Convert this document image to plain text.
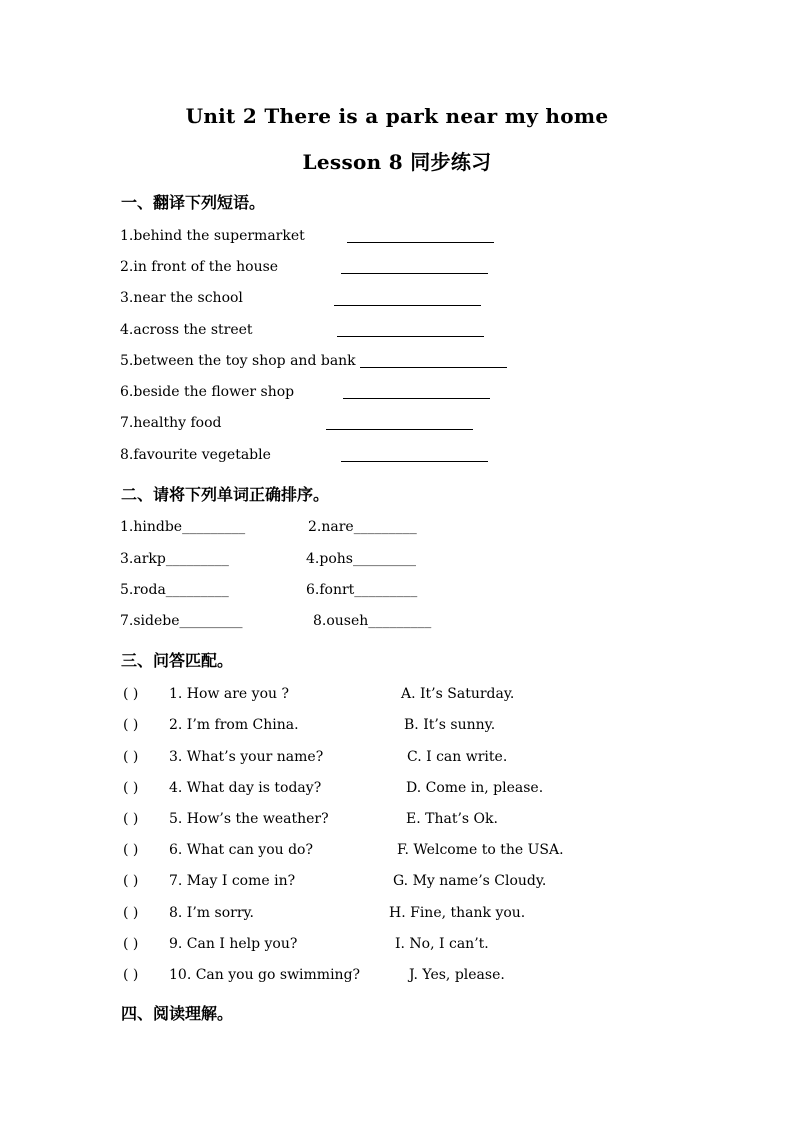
Unit 2 There is a park near my home
Lesson 8 同步练习
一、翻译下列短语。
1.behind the supermarket
2.in front of the house
3.near the school
4.across the street
5.between the toy shop and bank
6.beside the flower shop
7.healthy food
8.favourite vegetable
二、请将下列单词正确排序。
1.hindbe_________	2.nare_________
3.arkp_________	4.pohs_________
5.roda_________	6.fonrt_________
7.sidebe_________	8.ouseh_________
三、问答匹配。
( ) 1. How are you ?	A. It’s Saturday.
( ) 2. I’m from China.	B. It’s sunny.
( ) 3. What’s your name?	C. I can write.
( ) 4. What day is today?	D. Come in, please.
( ) 5. How’s the weather?	E. That’s Ok.
( ) 6. What can you do?	F. Welcome to the USA.
( ) 7. May I come in?	G. My name’s Cloudy.
( ) 8. I’m sorry.	H. Fine, thank you.
( ) 9. Can I help you?	I. No, I can’t.
( ) 10. Can you go swimming?	J. Yes, please.
四、阅读理解。
